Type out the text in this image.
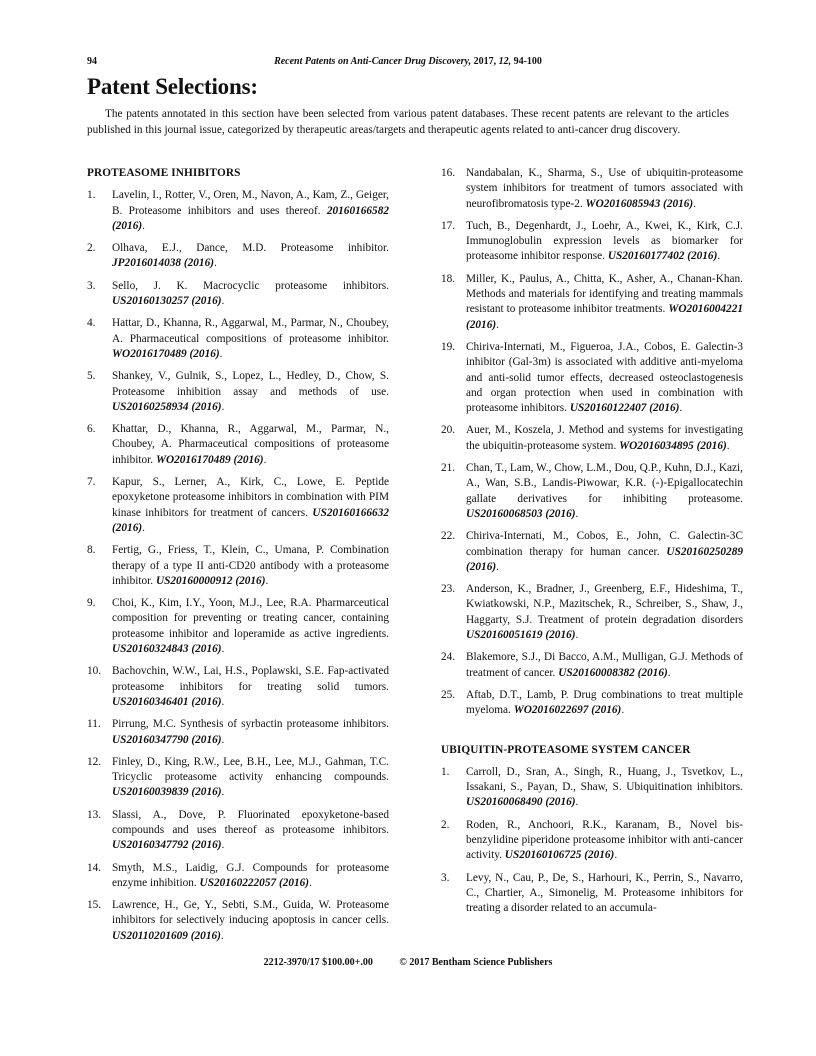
94	Recent Patents on Anti-Cancer Drug Discovery, 2017, 12, 94-100
Patent Selections:

The patents annotated in this section have been selected from various patent databases. These recent patents are relevant to the articles published in this journal issue, categorized by therapeutic areas/targets and therapeutic agents related to anti-cancer drug discovery.

PROTEASOME INHIBITORS
1. Lavelin, I., Rotter, V., Oren, M., Navon, A., Kam, Z., Geiger, B. Proteasome inhibitors and uses thereof. 20160166582 (2016).
2. Olhava, E.J., Dance, M.D. Proteasome inhibitor. JP2016014038 (2016).
3. Sello, J. K. Macrocyclic proteasome inhibitors. US20160130257 (2016).
4. Hattar, D., Khanna, R., Aggarwal, M., Parmar, N., Choubey, A. Pharmaceutical compositions of proteasome inhibitor. WO2016170489 (2016).
5. Shankey, V., Gulnik, S., Lopez, L., Hedley, D., Chow, S. Proteasome inhibition assay and methods of use. US20160258934 (2016).
6. Khattar, D., Khanna, R., Aggarwal, M., Parmar, N., Choubey, A. Pharmaceutical compositions of proteasome inhibitor. WO2016170489 (2016).
7. Kapur, S., Lerner, A., Kirk, C., Lowe, E. Peptide epoxyketone proteasome inhibitors in combination with PIM kinase inhibitors for treatment of cancers. US20160166632 (2016).
8. Fertig, G., Friess, T., Klein, C., Umana, P. Combination therapy of a type II anti-CD20 antibody with a proteasome inhibitor. US20160000912 (2016).
9. Choi, K., Kim, I.Y., Yoon, M.J., Lee, R.A. Pharmarceutical composition for preventing or treating cancer, containing proteasome inhibitor and loperamide as active ingredients. US20160324843 (2016).
10. Bachovchin, W.W., Lai, H.S., Poplawski, S.E. Fap-activated proteasome inhibitors for treating solid tumors. US20160346401 (2016).
11. Pirrung, M.C. Synthesis of syrbactin proteasome inhibitors. US20160347790 (2016).
12. Finley, D., King, R.W., Lee, B.H., Lee, M.J., Gahman, T.C. Tricyclic proteasome activity enhancing compounds. US20160039839 (2016).
13. Slassi, A., Dove, P. Fluorinated epoxyketone-based compounds and uses thereof as proteasome inhibitors. US20160347792 (2016).
14. Smyth, M.S., Laidig, G.J. Compounds for proteasome enzyme inhibition. US20160222057 (2016).
15. Lawrence, H., Ge, Y., Sebti, S.M., Guida, W. Proteasome inhibitors for selectively inducing apoptosis in cancer cells. US20110201609 (2016).
16. Nandabalan, K., Sharma, S., Use of ubiquitin-proteasome system inhibitors for treatment of tumors associated with neurofibromatosis type-2. WO2016085943 (2016).
17. Tuch, B., Degenhardt, J., Loehr, A., Kwei, K., Kirk, C.J. Immunoglobulin expression levels as biomarker for proteasome inhibitor response. US20160177402 (2016).
18. Miller, K., Paulus, A., Chitta, K., Asher, A., Chanan-Khan. Methods and materials for identifying and treating mammals resistant to proteasome inhibitor treatments. WO2016004221 (2016).
19. Chiriva-Internati, M., Figueroa, J.A., Cobos, E. Galectin-3 inhibitor (Gal-3m) is associated with additive anti-myeloma and anti-solid tumor effects, decreased osteoclastogenesis and organ protection when used in combination with proteasome inhibitors. US20160122407 (2016).
20. Auer, M., Koszela, J. Method and systems for investigating the ubiquitin-proteasome system. WO2016034895 (2016).
21. Chan, T., Lam, W., Chow, L.M., Dou, Q.P., Kuhn, D.J., Kazi, A., Wan, S.B., Landis-Piwowar, K.R. (-)-Epigallocatechin gallate derivatives for inhibiting proteasome. US20160068503 (2016).
22. Chiriva-Internati, M., Cobos, E., John, C. Galectin-3C combination therapy for human cancer. US20160250289 (2016).
23. Anderson, K., Bradner, J., Greenberg, E.F., Hideshima, T., Kwiatkowski, N.P., Mazitschek, R., Schreiber, S., Shaw, J., Haggarty, S.J. Treatment of protein degradation disorders US20160051619 (2016).
24. Blakemore, S.J., Di Bacco, A.M., Mulligan, G.J. Methods of treatment of cancer. US20160008382 (2016).
25. Aftab, D.T., Lamb, P. Drug combinations to treat multiple myeloma. WO2016022697 (2016).
UBIQUITIN-PROTEASOME SYSTEM CANCER
1. Carroll, D., Sran, A., Singh, R., Huang, J., Tsvetkov, L., Issakani, S., Payan, D., Shaw, S. Ubiquitination inhibitors. US20160068490 (2016).
2. Roden, R., Anchoori, R.K., Karanam, B., Novel bis-benzylidine piperidone proteasome inhibitor with anti-cancer activity. US20160106725 (2016).
3. Levy, N., Cau, P., De, S., Harhouri, K., Perrin, S., Navarro, C., Chartier, A., Simonelig, M. Proteasome inhibitors for treating a disorder related to an accumula-
2212-3970/17 $100.00+.00	© 2017 Bentham Science Publishers
